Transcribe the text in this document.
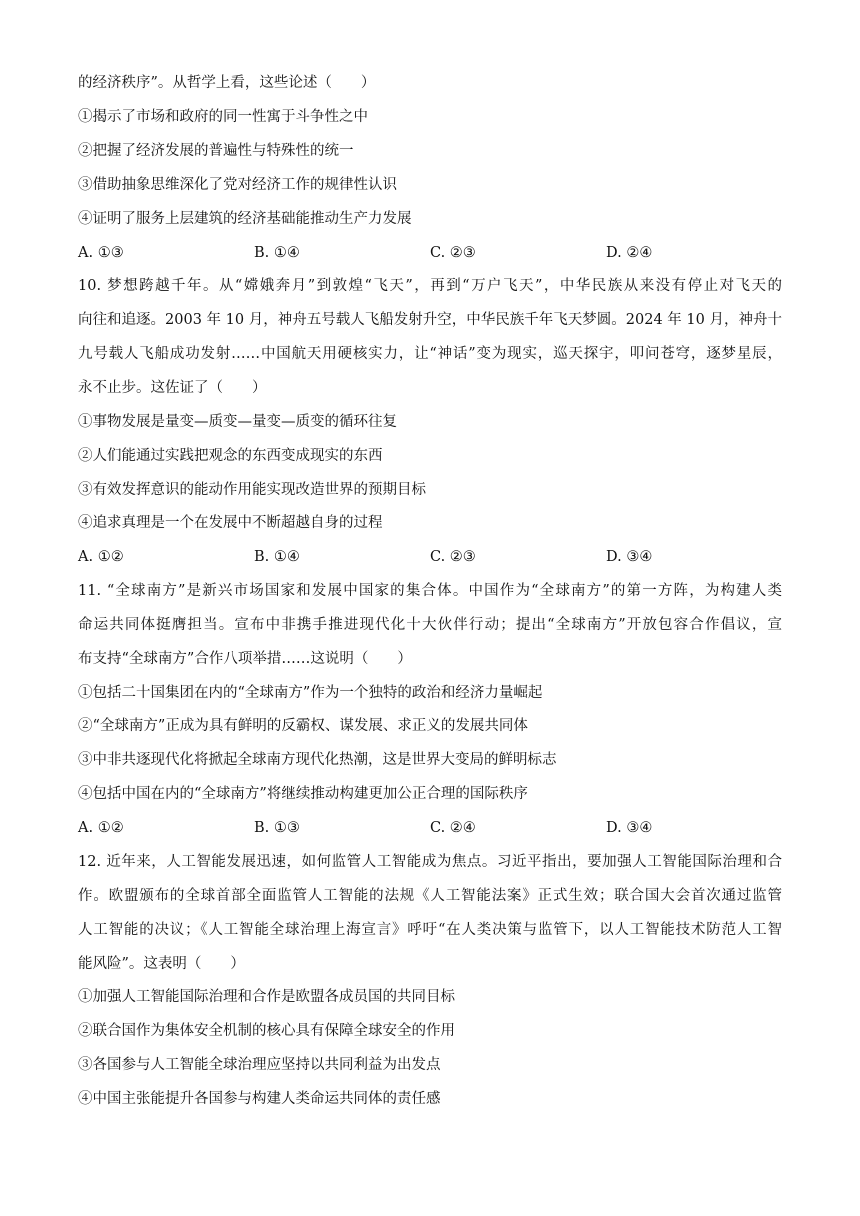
的经济秩序”。从哲学上看，这些论述（　　）
①揭示了市场和政府的同一性寓于斗争性之中
②把握了经济发展的普遍性与特殊性的统一
③借助抽象思维深化了党对经济工作的规律性认识
④证明了服务上层建筑的经济基础能推动生产力发展
A. ①③	B. ①④	C. ②③	D. ②④
10. 梦想跨越千年。从“嫦娥奔月”到敦煌“飞天”，再到“万户飞天”，中华民族从来没有停止对飞天的
向往和追逐。2003 年 10 月，神舟五号载人飞船发射升空，中华民族千年飞天梦圆。2024 年 10 月，神舟十
九号载人飞船成功发射……中国航天用硬核实力，让“神话”变为现实，巡天探宇，叩问苍穹，逐梦星辰，
永不止步。这佐证了（　　）
①事物发展是量变—质变—量变—质变的循环往复
②人们能通过实践把观念的东西变成现实的东西
③有效发挥意识的能动作用能实现改造世界的预期目标
④追求真理是一个在发展中不断超越自身的过程
A. ①②	B. ①④	C. ②③	D. ③④
11. “全球南方”是新兴市场国家和发展中国家的集合体。中国作为“全球南方”的第一方阵，为构建人类
命运共同体挺膺担当。宣布中非携手推进现代化十大伙伴行动；提出“全球南方”开放包容合作倡议，宣
布支持“全球南方”合作八项举措……这说明（　　）
①包括二十国集团在内的“全球南方”作为一个独特的政治和经济力量崛起
②“全球南方”正成为具有鲜明的反霸权、谋发展、求正义的发展共同体
③中非共逐现代化将掀起全球南方现代化热潮，这是世界大变局的鲜明标志
④包括中国在内的“全球南方”将继续推动构建更加公正合理的国际秩序
A. ①②	B. ①③	C. ②④	D. ③④
12. 近年来，人工智能发展迅速，如何监管人工智能成为焦点。习近平指出，要加强人工智能国际治理和合
作。欧盟颁布的全球首部全面监管人工智能的法规《人工智能法案》正式生效；联合国大会首次通过监管
人工智能的决议；《人工智能全球治理上海宣言》呼吁“在人类决策与监管下，以人工智能技术防范人工智
能风险”。这表明（　　）
①加强人工智能国际治理和合作是欧盟各成员国的共同目标
②联合国作为集体安全机制的核心具有保障全球安全的作用
③各国参与人工智能全球治理应坚持以共同利益为出发点
④中国主张能提升各国参与构建人类命运共同体的责任感
